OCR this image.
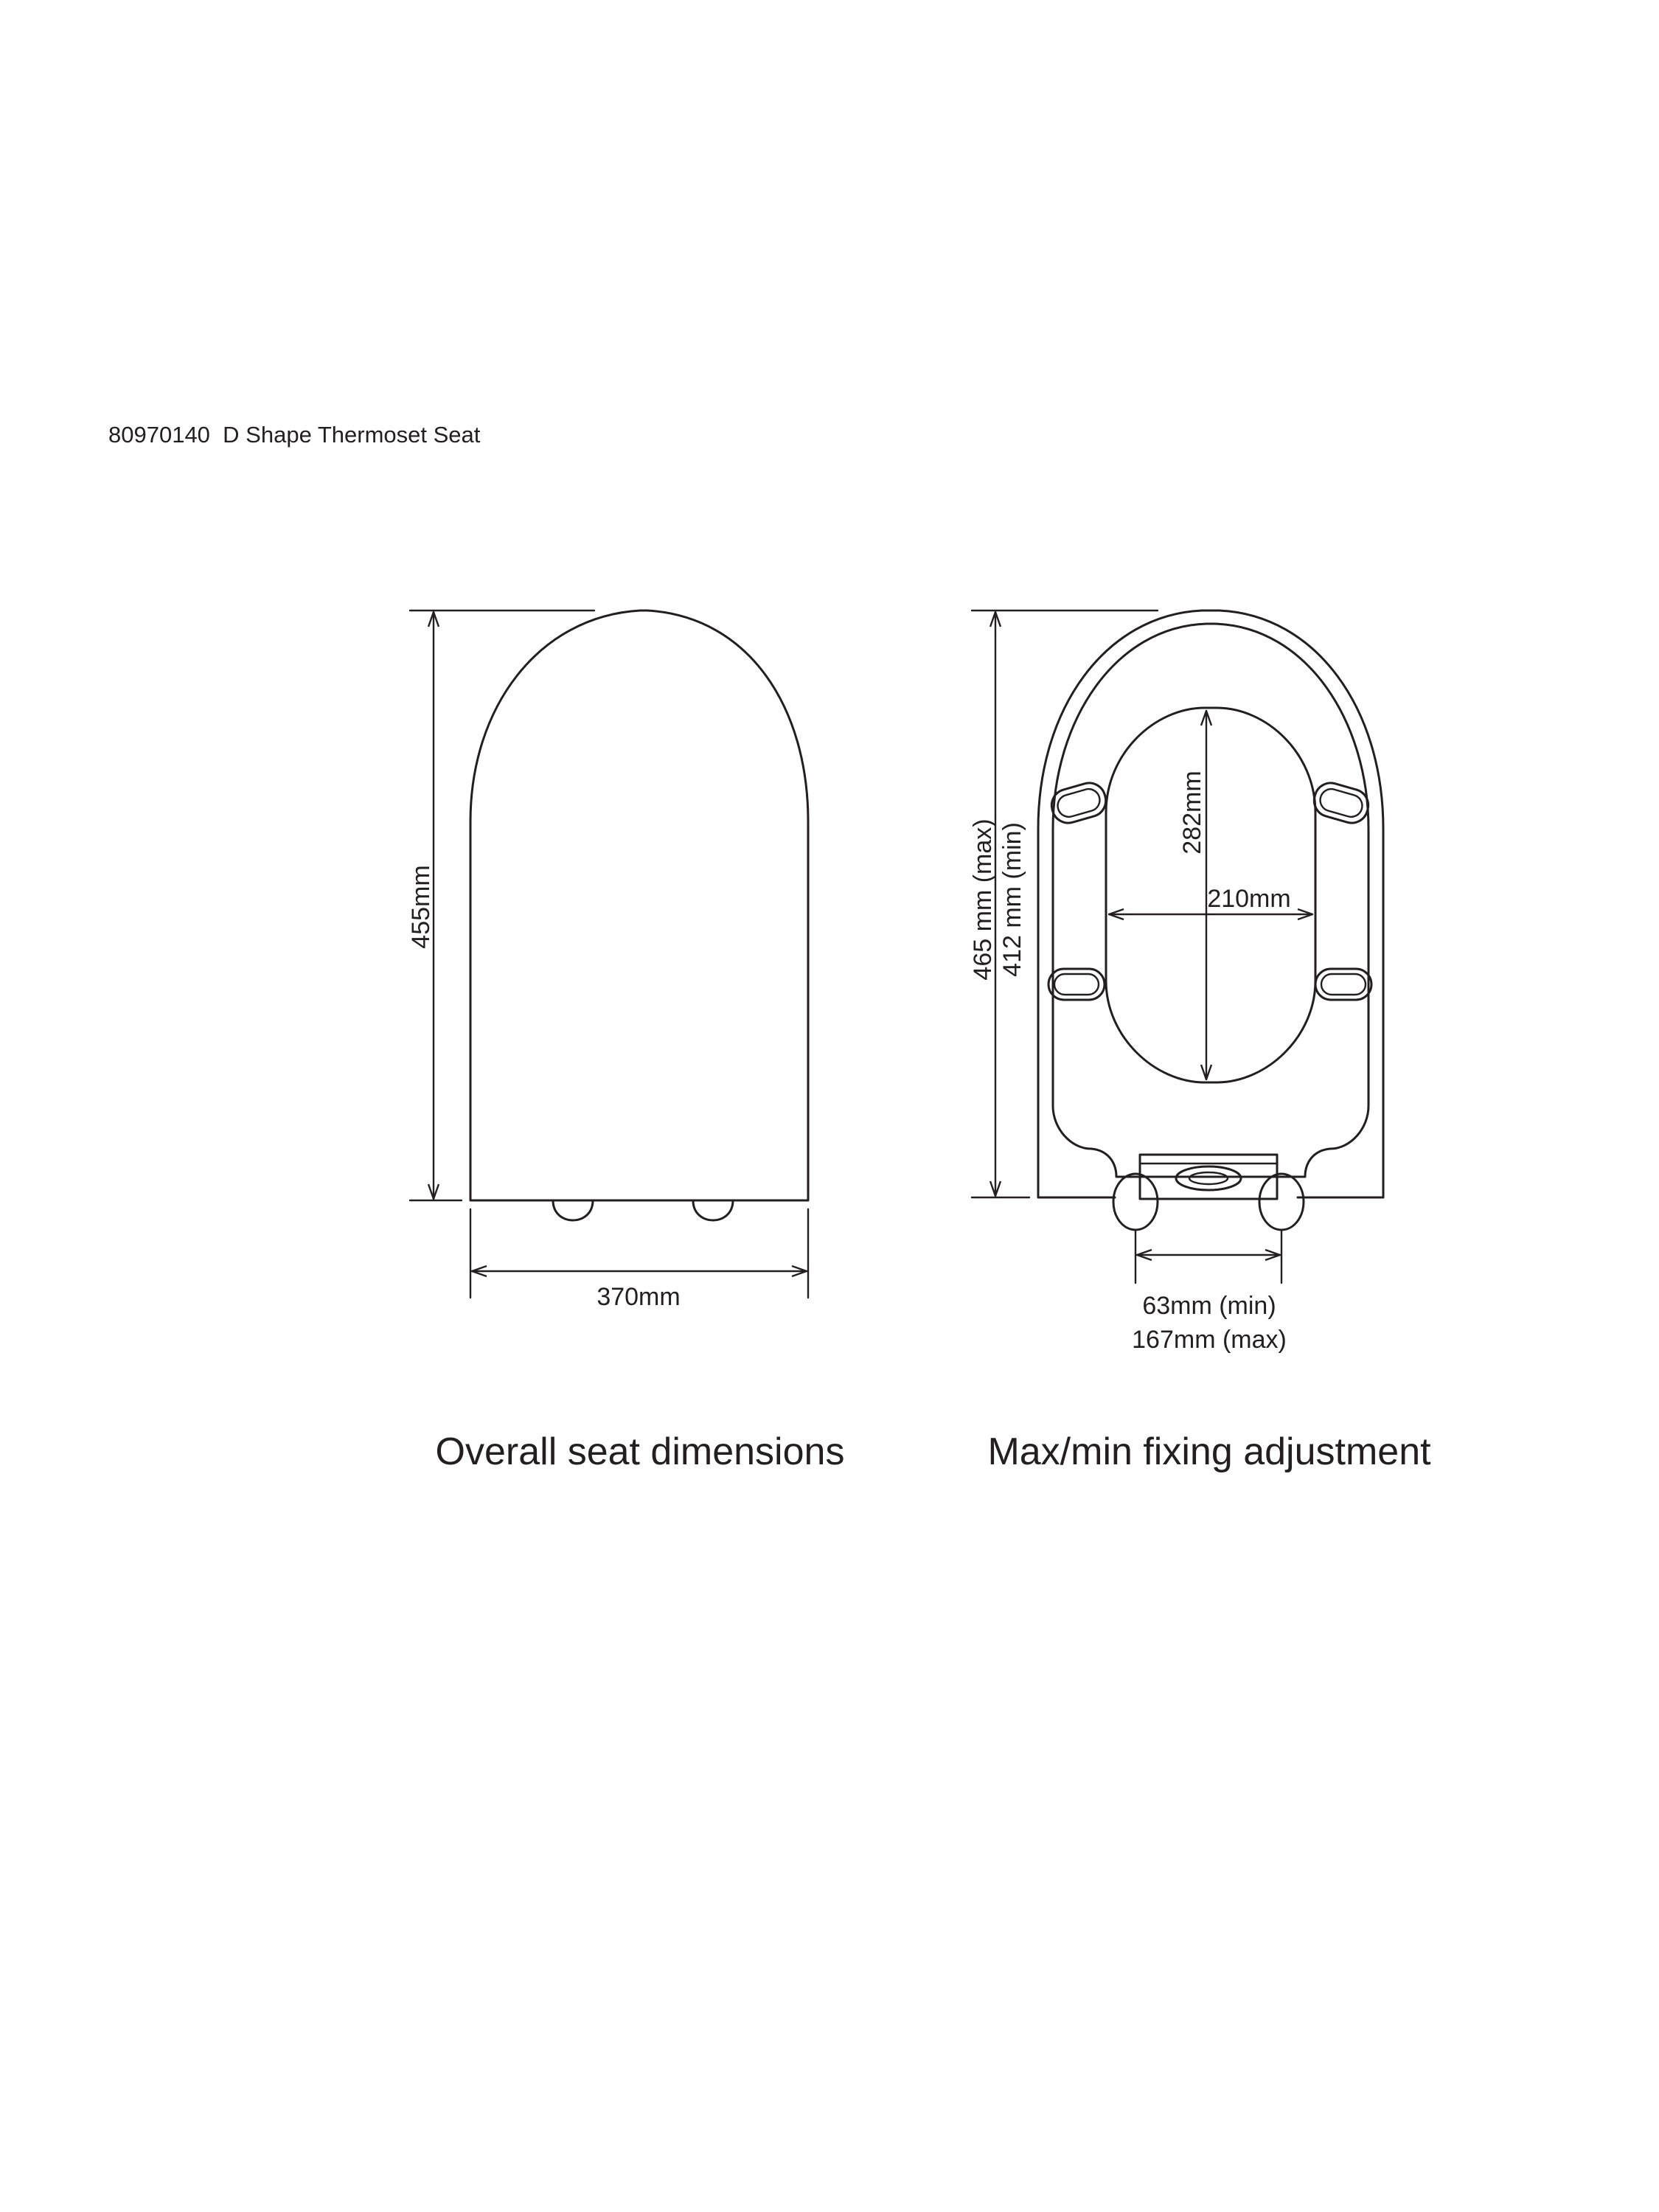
80970140 D Shape Thermoset Seat
455mm
370mm
Overall seat dimensions
465 mm (max) 412 mm (min)
282mm
210mm
63mm (min)
167mm (max)
Max/min fixing adjustment
